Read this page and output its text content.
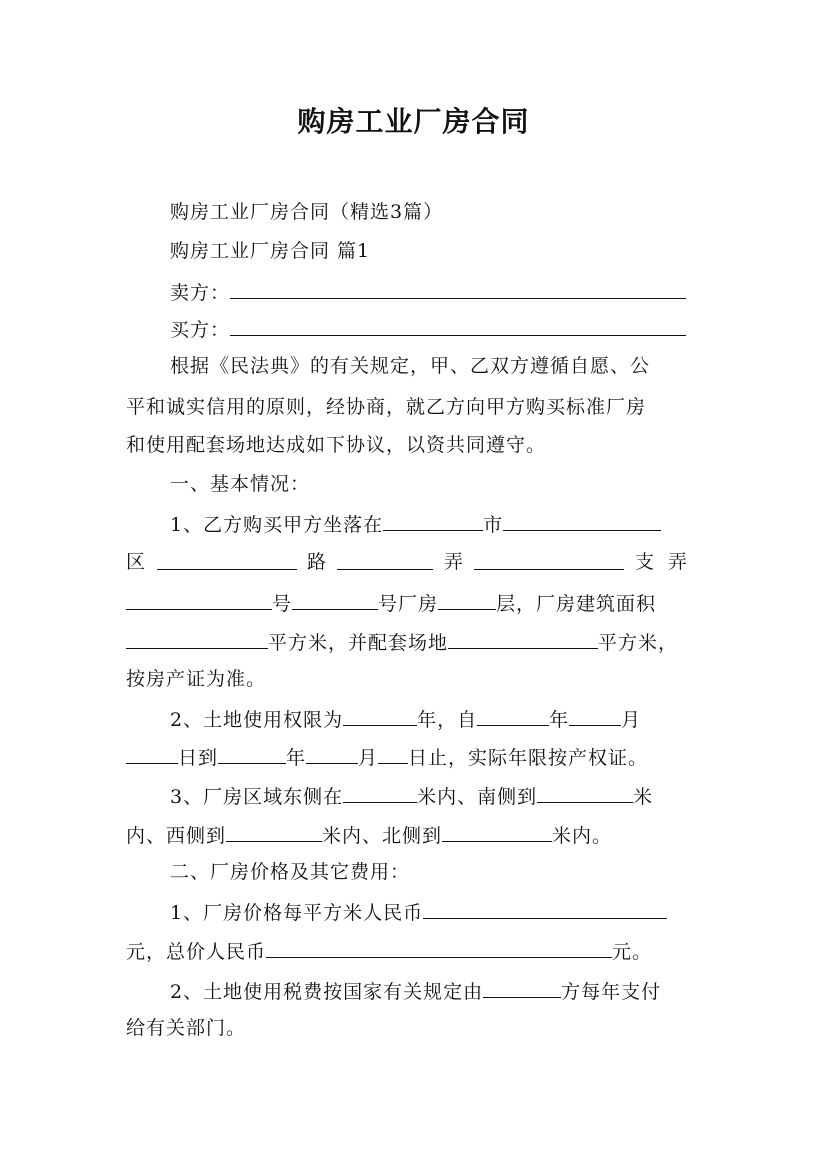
购房工业厂房合同
购房工业厂房合同（精选3篇）
购房工业厂房合同 篇1
卖方：
买方：
根据《民法典》的有关规定，甲、乙双方遵循自愿、公
平和诚实信用的原则，经协商，就乙方向甲方购买标准厂房
和使用配套场地达成如下协议，以资共同遵守。
一、基本情况：
1、乙方购买甲方坐落在	市
区	路	弄	支弄
号	号厂房	层，厂房建筑面积
平方米，并配套场地	平方米，
按房产证为准。
2、土地使用权限为	年，自	年	月
日到	年	月 日止，实际年限按产权证。
3、厂房区域东侧在	米内、南侧到	米
内、西侧到	米内、北侧到	米内。
二、厂房价格及其它费用：
1、厂房价格每平方米人民币
元，总价人民币	元。
2、土地使用税费按国家有关规定由	方每年支付
给有关部门。
